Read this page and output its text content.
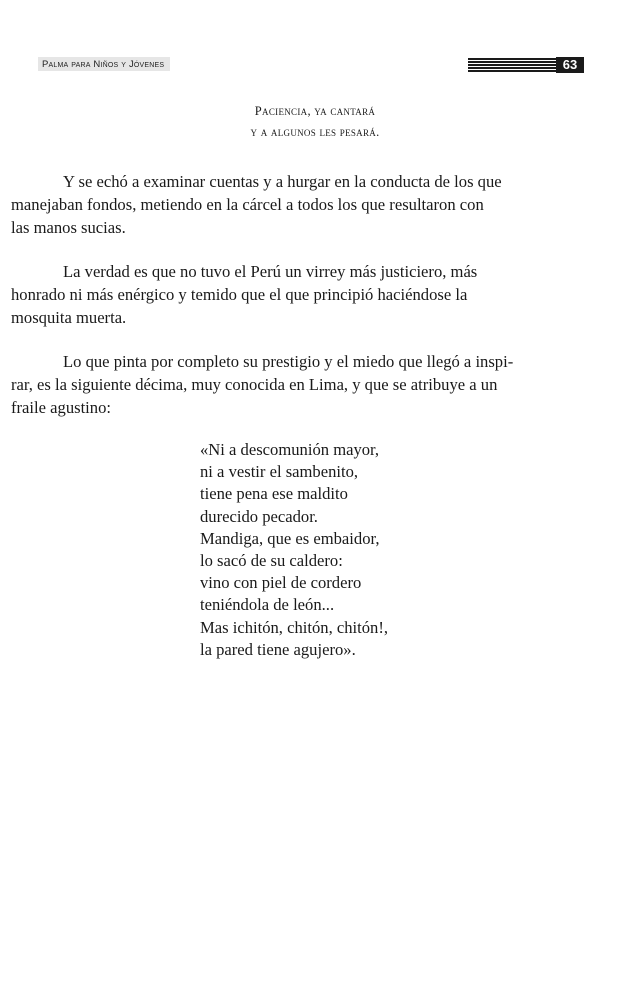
Palma para Niños y Jóvenes	63
Paciencia, ya cantará
y a algunos les pesará.

Y se echó a examinar cuentas y a hurgar en la conducta de los que
manejaban fondos, metiendo en la cárcel a todos los que resultaron con
las manos sucias.

La verdad es que no tuvo el Perú un virrey más justiciero, más
honrado ni más enérgico y temido que el que principió haciéndose la
mosquita muerta.

Lo que pinta por completo su prestigio y el miedo que llegó a inspi-
rar, es la siguiente décima, muy conocida en Lima, y que se atribuye a un
fraile agustino:

«Ni a descomunión mayor,
ni a vestir el sambenito,
tiene pena ese maldito
durecido pecador.
Mandiga, que es embaidor,
lo sacó de su caldero:
vino con piel de cordero
teniéndola de león...
Mas ichitón, chitón, chitón!,
la pared tiene agujero».
